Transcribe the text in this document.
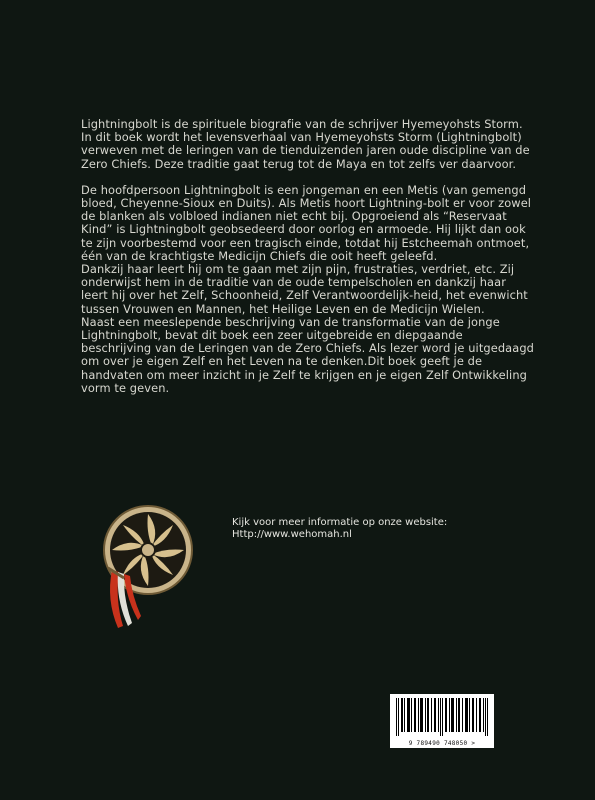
Lightningbolt is de spirituele biografie van de schrijver Hyemeyohsts Storm. In dit boek wordt het levensverhaal van Hyemeyohsts Storm (Lightningbolt) verweven met de leringen van de tienduizenden jaren oude discipline van de Zero Chiefs. Deze traditie gaat terug tot de Maya en tot zelfs ver daarvoor.

De hoofdpersoon Lightningbolt is een jongeman en een Metis (van gemengd bloed, Cheyenne-Sioux en Duits). Als Metis hoort Lightning-bolt er voor zowel de blanken als volbloed indianen niet echt bij. Opgroeiend als “Reservaat Kind” is Lightningbolt geobsedeerd door oorlog en armoede. Hij lijkt dan ook te zijn voorbestemd voor een tragisch einde, totdat hij Estcheemah ontmoet, één van de krachtigste Medicijn Chiefs die ooit heeft geleefd.

Dankzij haar leert hij om te gaan met zijn pijn, frustraties, verdriet, etc. Zij onderwijst hem in de traditie van de oude tempelscholen en dankzij haar leert hij over het Zelf, Schoonheid, Zelf Verantwoordelijk-heid, het evenwicht tussen Vrouwen en Mannen, het Heilige Leven en de Medicijn Wielen.

Naast een meeslepende beschrijving van de transformatie van de jonge Lightningbolt, bevat dit boek een zeer uitgebreide en diepgaande beschrijving van de Leringen van de Zero Chiefs. Als lezer word je uitgedaagd om over je eigen Zelf en het Leven na te denken.Dit boek geeft je de handvaten om meer inzicht in je Zelf te krijgen en je eigen Zelf Ontwikkeling vorm te geven.

Kijk voor meer informatie op onze website:
Http://www.wehomah.nl
9 789490 748050 >
